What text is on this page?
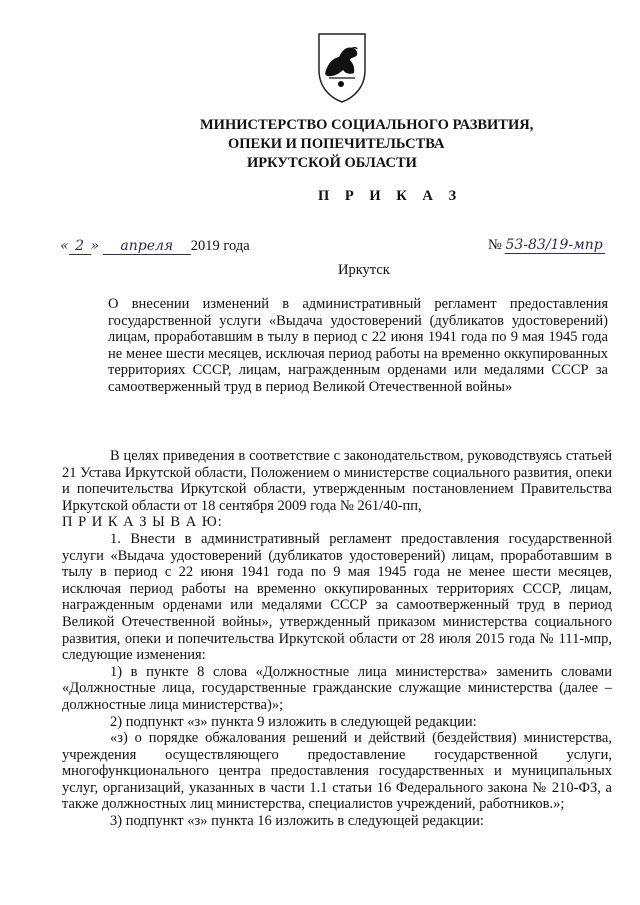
МИНИСТЕРСТВО СОЦИАЛЬНОГО РАЗВИТИЯ,
ОПЕКИ И ПОПЕЧИТЕЛЬСТВА
ИРКУТСКОЙ ОБЛАСТИ
П Р И К А З
« 2 » апреля 2019 года	№ 53-83/19-мпр
Иркутск
О внесении изменений в административный регламент предоставления государственной услуги «Выдача удостоверений (дубликатов удостоверений) лицам, проработавшим в тылу в период с 22 июня 1941 года по 9 мая 1945 года не менее шести месяцев, исключая период работы на временно оккупированных территориях СССР, лицам, награжденным орденами или медалями СССР за самоотверженный труд в период Великой Отечественной войны»

В целях приведения в соответствие с законодательством, руководствуясь статьей 21 Устава Иркутской области, Положением о министерстве социального развития, опеки и попечительства Иркутской области, утвержденным постановлением Правительства Иркутской области от 18 сентября 2009 года № 261/40-пп,

П Р И К А З Ы В А Ю:

1. Внести в административный регламент предоставления государственной услуги «Выдача удостоверений (дубликатов удостоверений) лицам, проработавшим в тылу в период с 22 июня 1941 года по 9 мая 1945 года не менее шести месяцев, исключая период работы на временно оккупированных территориях СССР, лицам, награжденным орденами или медалями СССР за самоотверженный труд в период Великой Отечественной войны», утвержденный приказом министерства социального развития, опеки и попечительства Иркутской области от 28 июля 2015 года № 111-мпр, следующие изменения:

1) в пункте 8 слова «Должностные лица министерства» заменить словами «Должностные лица, государственные гражданские служащие министерства (далее – должностные лица министерства)»;

2) подпункт «з» пункта 9 изложить в следующей редакции:

«з) о порядке обжалования решений и действий (бездействия) министерства, учреждения осуществляющего предоставление государственной услуги, многофункционального центра предоставления государственных и муниципальных услуг, организаций, указанных в части 1.1 статьи 16 Федерального закона № 210-ФЗ, а также должностных лиц министерства, специалистов учреждений, работников.»;

3) подпункт «з» пункта 16 изложить в следующей редакции:
